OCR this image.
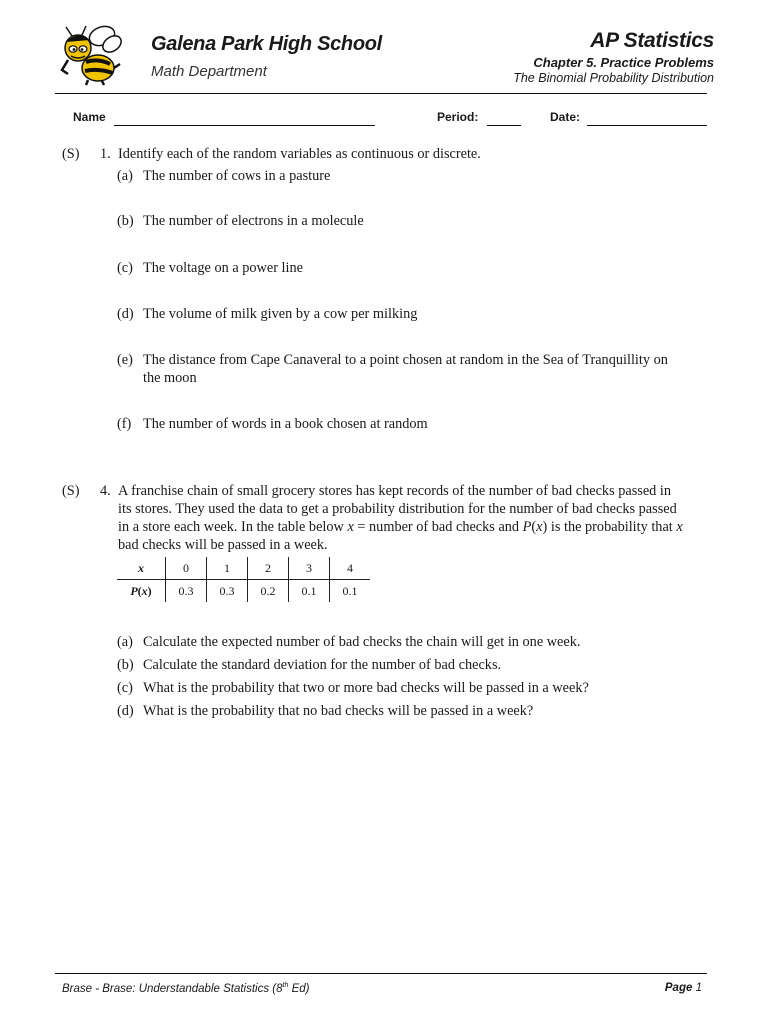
Galena Park High School
Math Department
AP Statistics
Chapter 5. Practice Problems
The Binomial Probability Distribution
Name	Period:	Date:
(S) 1. Identify each of the random variables as continuous or discrete.
(a) The number of cows in a pasture
(b) The number of electrons in a molecule
(c) The voltage on a power line
(d) The volume of milk given by a cow per milking
(e) The distance from Cape Canaveral to a point chosen at random in the Sea of Tranquillity on
the moon
(f) The number of words in a book chosen at random
(S) 4. A franchise chain of small grocery stores has kept records of the number of bad checks passed in
its stores. They used the data to get a probability distribution for the number of bad checks passed
in a store each week. In the table below x = number of bad checks and P(x) is the probability that x
bad checks will be passed in a week.
x	0	1	2	3	4
P(x)	0.3	0.3	0.2	0.1	0.1
(a) Calculate the expected number of bad checks the chain will get in one week.
(b) Calculate the standard deviation for the number of bad checks.
(c) What is the probability that two or more bad checks will be passed in a week?
(d) What is the probability that no bad checks will be passed in a week?
Brase - Brase: Understandable Statistics (8th Ed)	Page 1
